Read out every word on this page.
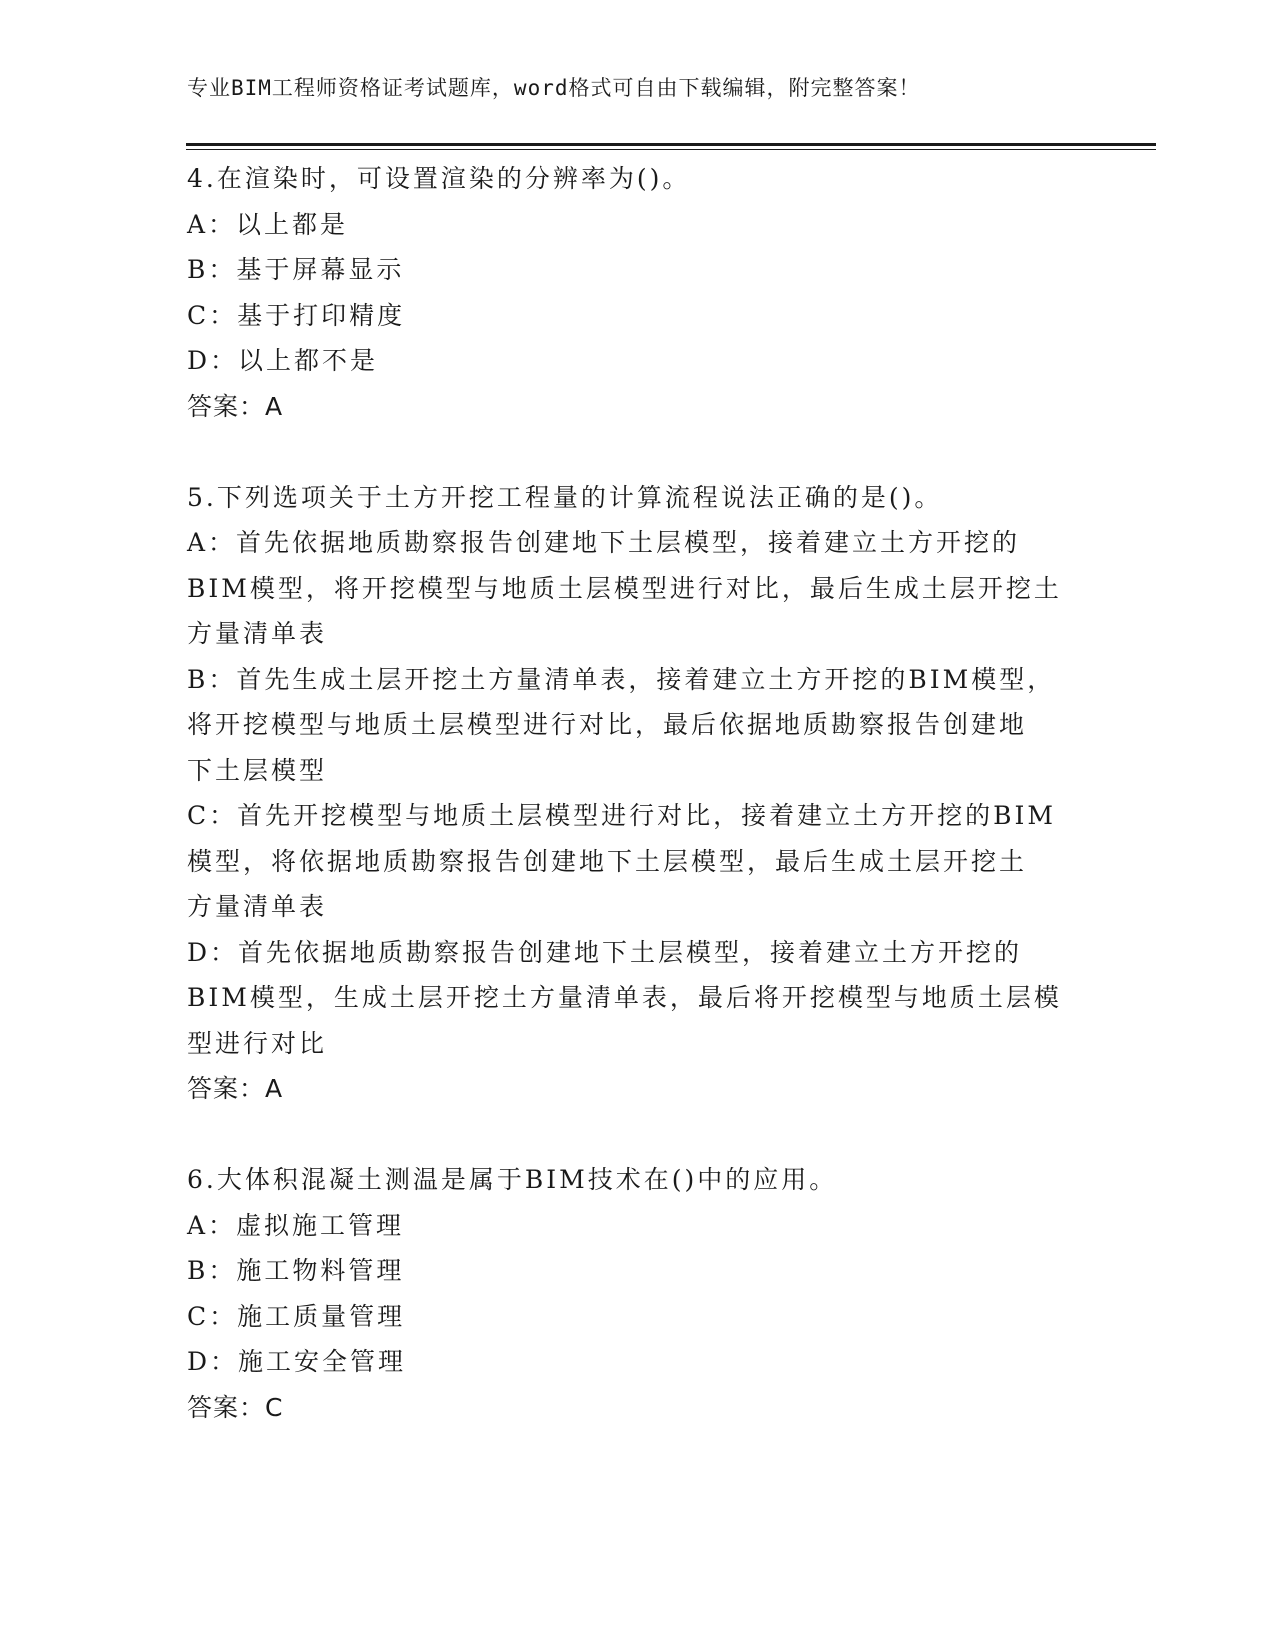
专业BIM工程师资格证考试题库，word格式可自由下载编辑，附完整答案！
4.在渲染时，可设置渲染的分辨率为()。
A：以上都是
B：基于屏幕显示
C：基于打印精度
D：以上都不是
答案：A
5.下列选项关于土方开挖工程量的计算流程说法正确的是()。
A：首先依据地质勘察报告创建地下土层模型，接着建立土方开挖的
BIM模型，将开挖模型与地质土层模型进行对比，最后生成土层开挖土
方量清单表
B：首先生成土层开挖土方量清单表，接着建立土方开挖的BIM模型，
将开挖模型与地质土层模型进行对比，最后依据地质勘察报告创建地
下土层模型
C：首先开挖模型与地质土层模型进行对比，接着建立土方开挖的BIM
模型，将依据地质勘察报告创建地下土层模型，最后生成土层开挖土
方量清单表
D：首先依据地质勘察报告创建地下土层模型，接着建立土方开挖的
BIM模型，生成土层开挖土方量清单表，最后将开挖模型与地质土层模
型进行对比
答案：A
6.大体积混凝土测温是属于BIM技术在()中的应用。
A：虚拟施工管理
B：施工物料管理
C：施工质量管理
D：施工安全管理
答案：C
